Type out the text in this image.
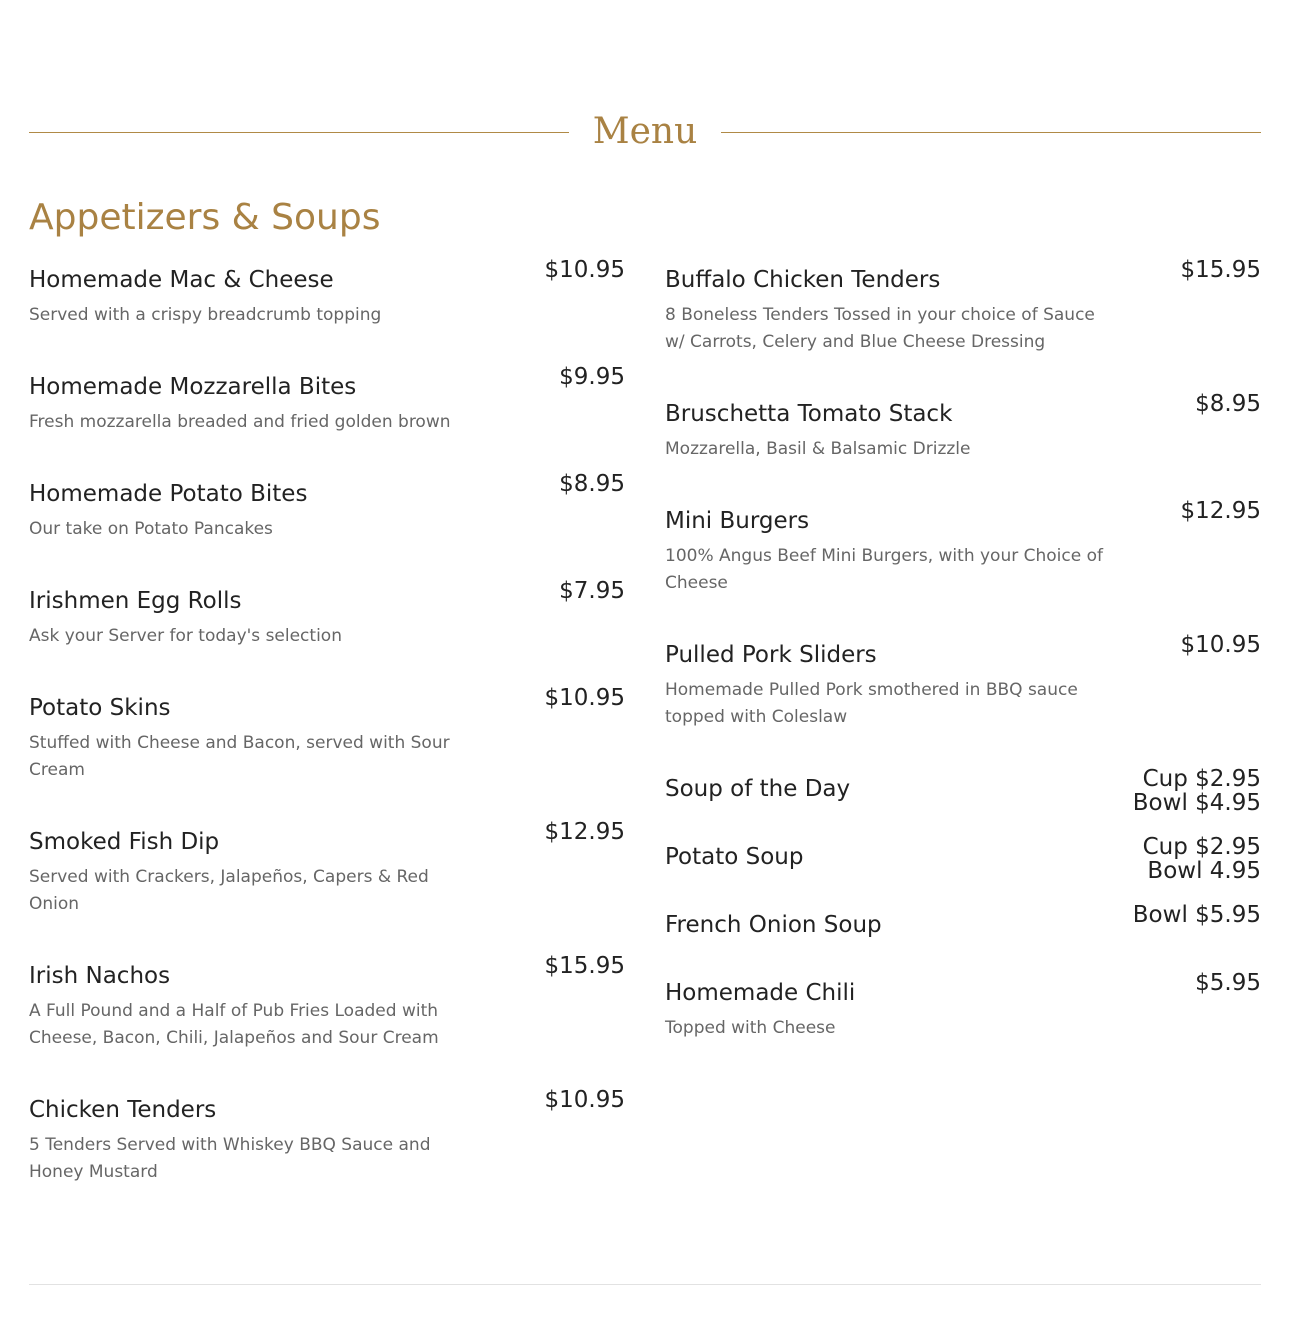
Menu
Appetizers & Soups
Homemade Mac & Cheese	$10.95
Served with a crispy breadcrumb topping
Homemade Mozzarella Bites	$9.95
Fresh mozzarella breaded and fried golden brown
Homemade Potato Bites	$8.95
Our take on Potato Pancakes
Irishmen Egg Rolls	$7.95
Ask your Server for today's selection
Potato Skins	$10.95
Stuffed with Cheese and Bacon, served with Sour Cream
Smoked Fish Dip	$12.95
Served with Crackers, Jalapeños, Capers & Red Onion
Irish Nachos	$15.95
A Full Pound and a Half of Pub Fries Loaded with Cheese, Bacon, Chili, Jalapeños and Sour Cream
Chicken Tenders	$10.95
5 Tenders Served with Whiskey BBQ Sauce and Honey Mustard
Buffalo Chicken Tenders	$15.95
8 Boneless Tenders Tossed in your choice of Sauce w/ Carrots, Celery and Blue Cheese Dressing
Bruschetta Tomato Stack	$8.95
Mozzarella, Basil & Balsamic Drizzle
Mini Burgers	$12.95
100% Angus Beef Mini Burgers, with your Choice of Cheese
Pulled Pork Sliders	$10.95
Homemade Pulled Pork smothered in BBQ sauce topped with Coleslaw
Soup of the Day	Cup $2.95
Bowl $4.95
Potato Soup	Cup $2.95
Bowl 4.95
French Onion Soup	Bowl $5.95
Homemade Chili	$5.95
Topped with Cheese
